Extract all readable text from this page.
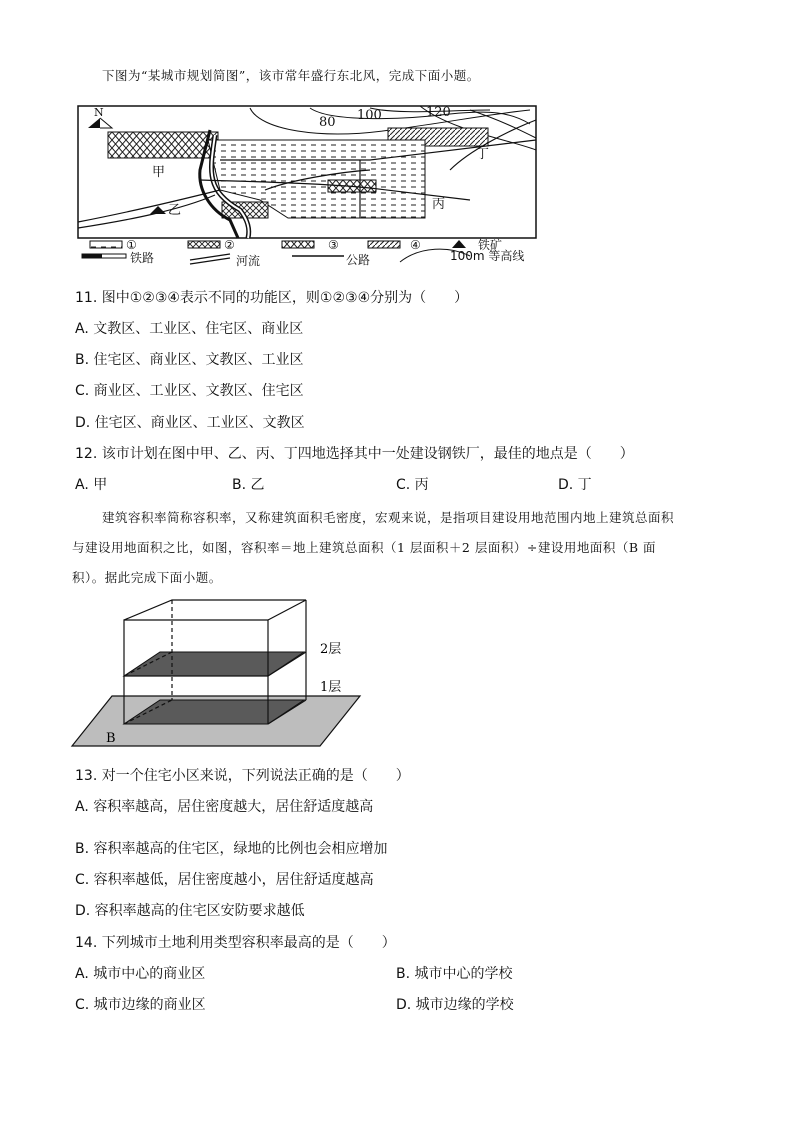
下图为“某城市规划简图”，该市常年盛行东北风，完成下面小题。
N
80 100	120
甲
乙	丙
丁
①	②	③	④	铁矿
铁路	河流	公路	100m 等高线
11. 图中①②③④表示不同的功能区，则①②③④分别为（　　）
A. 文教区、工业区、住宅区、商业区
B. 住宅区、商业区、文教区、工业区
C. 商业区、工业区、文教区、住宅区
D. 住宅区、商业区、工业区、文教区
12. 该市计划在图中甲、乙、丙、丁四地选择其中一处建设钢铁厂，最佳的地点是（　　）
A. 甲	B. 乙	C. 丙	D. 丁
建筑容积率简称容积率，又称建筑面积毛密度，宏观来说，是指项目建设用地范围内地上建筑总面积
与建设用地面积之比，如图，容积率＝地上建筑总面积（1 层面积＋2 层面积）÷建设用地面积（B 面
积）。据此完成下面小题。
2层
1层
B
13. 对一个住宅小区来说，下列说法正确的是（　　）
A. 容积率越高，居住密度越大，居住舒适度越高
B. 容积率越高的住宅区，绿地的比例也会相应增加
C. 容积率越低，居住密度越小，居住舒适度越高
D. 容积率越高的住宅区安防要求越低
14. 下列城市土地利用类型容积率最高的是（　　）
A. 城市中心的商业区	B. 城市中心的学校
C. 城市边缘的商业区	D. 城市边缘的学校
